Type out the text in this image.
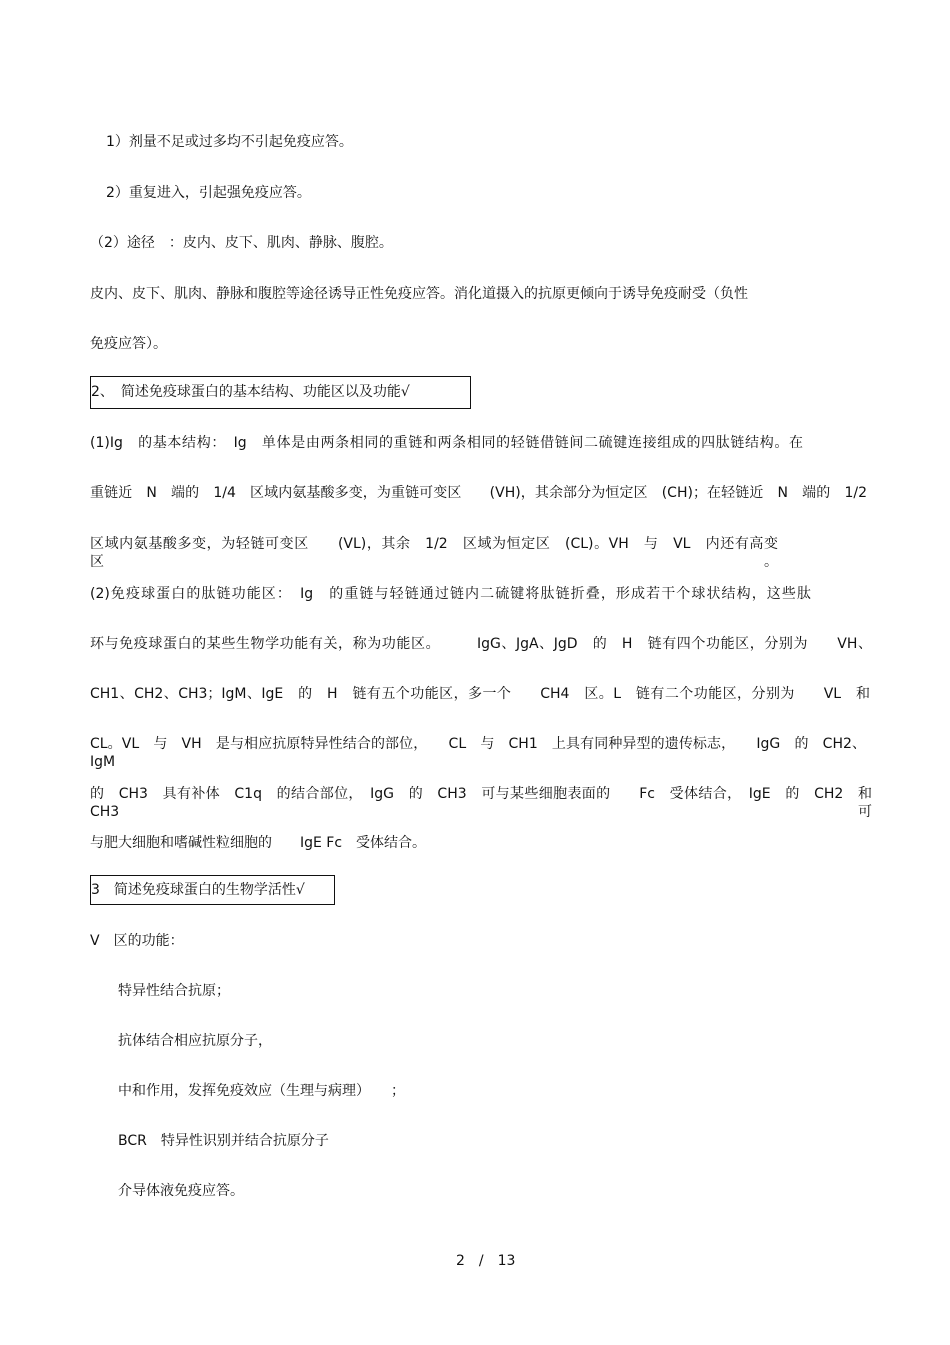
1）剂量不足或过多均不引起免疫应答。
2）重复进入，引起强免疫应答。
（2）途径　：皮内、皮下、肌肉、静脉、腹腔。
皮内、皮下、肌肉、静脉和腹腔等途径诱导正性免疫应答。消化道摄入的抗原更倾向于诱导免疫耐受（负性
免疫应答）。
2、　简述免疫球蛋白的基本结构、功能区以及功能√
(1)Ig　的基本结构：　Ig　单体是由两条相同的重链和两条相同的轻链借链间二硫键连接组成的四肽链结构。在
重链近　N　端的　1/4　区域内氨基酸多变，为重链可变区　　(VH)，其余部分为恒定区　(CH)；在轻链近　N　端的　1/2
区域内氨基酸多变，为轻链可变区　　(VL)，其余　1/2　区域为恒定区　(CL)。VH　与　VL　内还有高变区。
(2)免疫球蛋白的肽链功能区：　Ig　的重链与轻链通过链内二硫键将肽链折叠，形成若干个球状结构，这些肽
环与免疫球蛋白的某些生物学功能有关，称为功能区。　　　IgG、JgA、JgD　的　H　链有四个功能区，分别为　　VH、
CH1、CH2、CH3；IgM、IgE　的　H　链有五个功能区，多一个　　CH4　区。L　链有二个功能区，分别为　　VL　和
CL。VL　与　VH　是与相应抗原特异性结合的部位，　　CL　与　CH1　上具有同种异型的遗传标志，　　IgG　的　CH2、IgM
的　CH3　具有补体　C1q　的结合部位，　IgG　的　CH3　可与某些细胞表面的　　Fc　受体结合，　IgE　的　CH2　和　CH3　可
与肥大细胞和嗜碱性粒细胞的　　IgE Fc　受体结合。
3　简述免疫球蛋白的生物学活性√
V　区的功能：
特异性结合抗原；
抗体结合相应抗原分子，
中和作用，发挥免疫效应（生理与病理）　　；
BCR　特异性识别并结合抗原分子
介导体液免疫应答。
2　/　13
